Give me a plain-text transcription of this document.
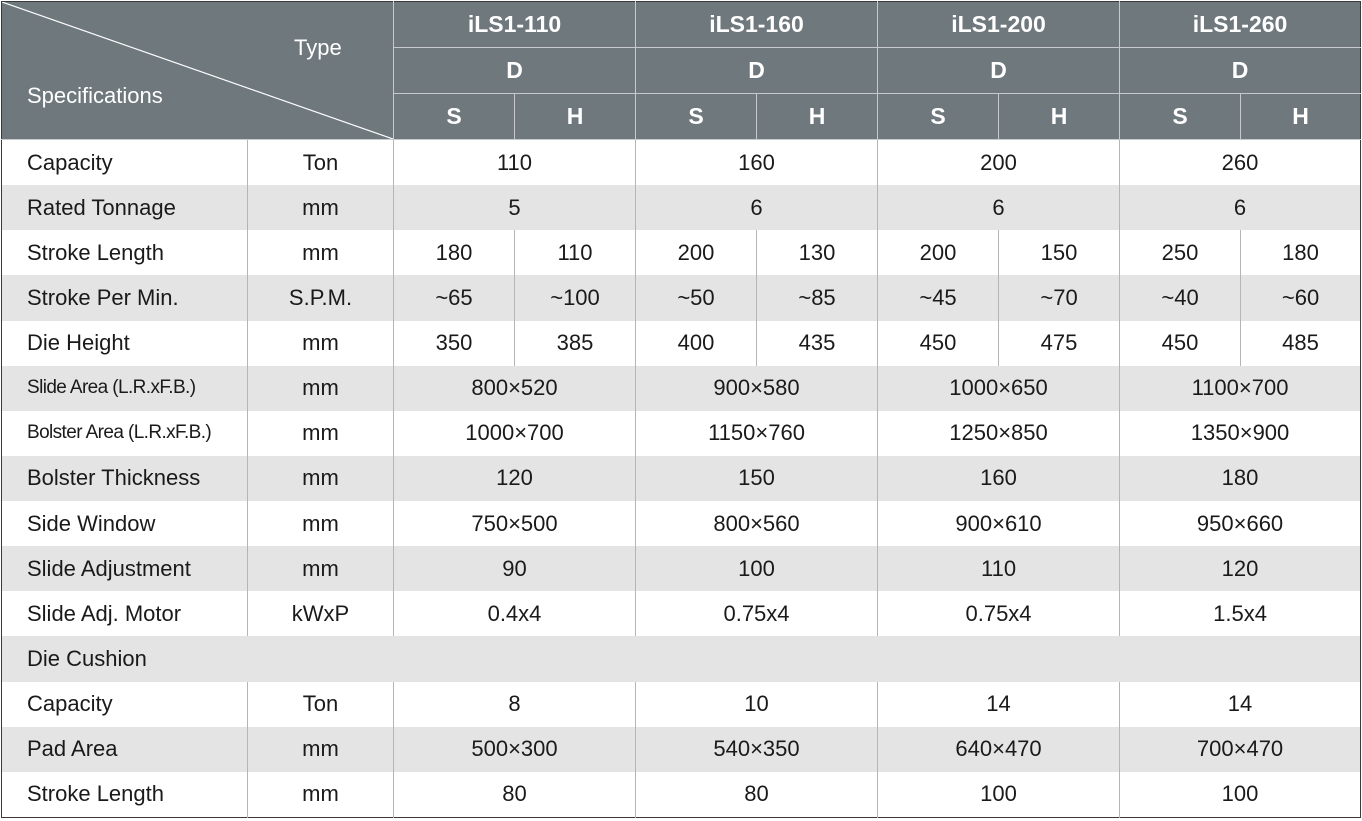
Type
Specifications		iLS1-110		iLS1-160		iLS1-200		iLS1-260	
		D		D		D		D	
		S	H	S	H	S	H	S	H
Capacity	Ton	110		160		200		260	
Rated Tonnage	mm	5		6		6		6	
Stroke Length	mm	180	110	200	130	200	150	250	180
Stroke Per Min.	S.P.M.	~65	~100	~50	~85	~45	~70	~40	~60
Die Height	mm	350	385	400	435	450	475	450	485
Slide Area (L.R.xF.B.)	mm	800×520		900×580		1000×650		1100×700	
Bolster Area (L.R.xF.B.)	mm	1000×700		1150×760		1250×850		1350×900	
Bolster Thickness	mm	120		150		160		180	
Side Window	mm	750×500		800×560		900×610		950×660	
Slide Adjustment	mm	90		100		110		120	
Slide Adj. Motor	kWxP	0.4x4		0.75x4		0.75x4		1.5x4	
Die Cushion									
Capacity	Ton	8		10		14		14	
Pad Area	mm	500×300		540×350		640×470		700×470	
Stroke Length	mm	80		80		100		100	
